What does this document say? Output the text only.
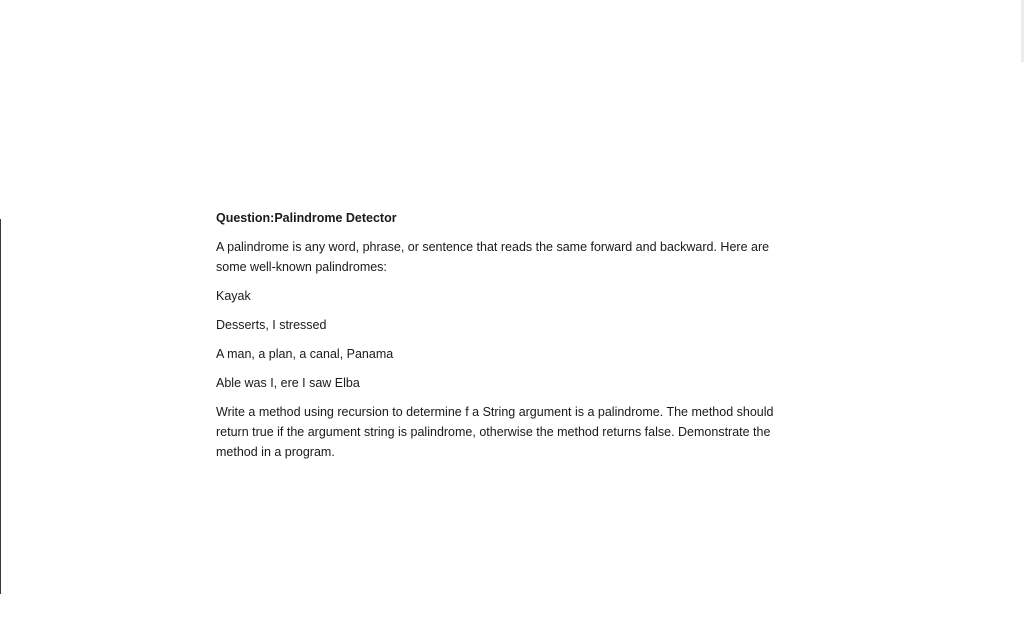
Question:Palindrome Detector

A palindrome is any word, phrase, or sentence that reads the same forward and backward. Here are some well-known palindromes:

Kayak

Desserts, I stressed

A man, a plan, a canal, Panama

Able was I, ere I saw Elba

Write a method using recursion to determine f a String argument is a palindrome. The method should return true if the argument string is palindrome, otherwise the method returns false. Demonstrate the method in a program.
